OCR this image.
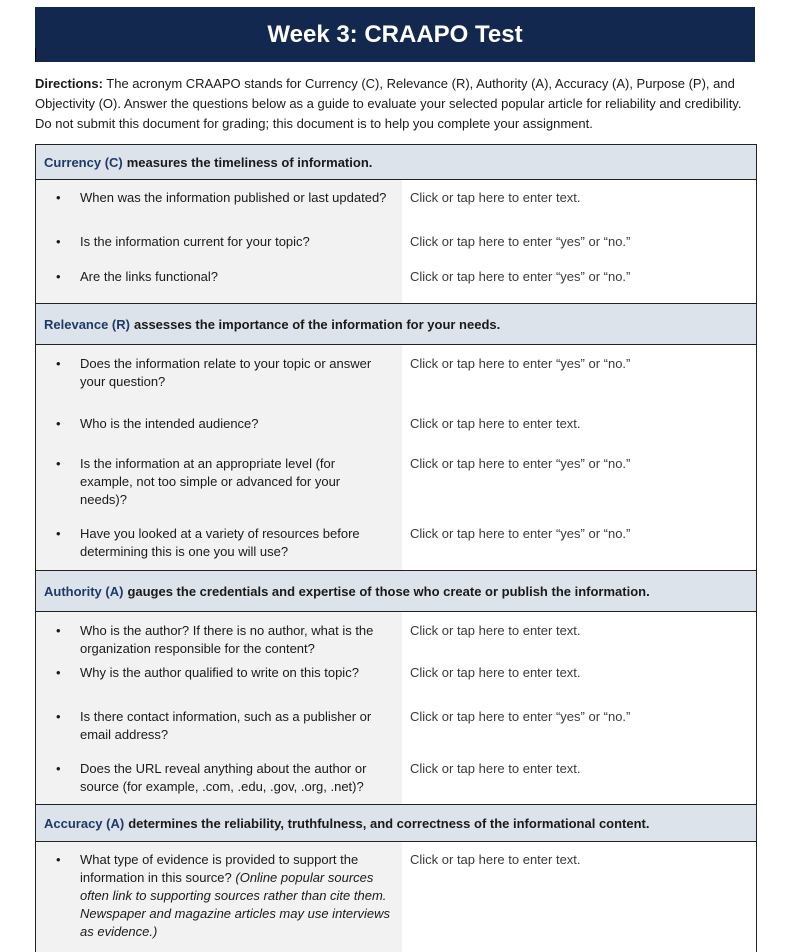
Week 3: CRAAPO Test
Directions: The acronym CRAAPO stands for Currency (C), Relevance (R), Authority (A), Accuracy (A), Purpose (P), and Objectivity (O). Answer the questions below as a guide to evaluate your selected popular article for reliability and credibility. Do not submit this document for grading; this document is to help you complete your assignment.
Currency (C) measures the timeliness of information.
• When was the information published or last updated?	Click or tap here to enter text.
• Is the information current for your topic?	Click or tap here to enter “yes” or “no.”
• Are the links functional?	Click or tap here to enter “yes” or “no.”
Relevance (R) assesses the importance of the information for your needs.
• Does the information relate to your topic or answer your question?
Click or tap here to enter “yes” or “no.”
• Who is the intended audience?	Click or tap here to enter text.
• Is the information at an appropriate level (for example, not too simple or advanced for your needs)?
Click or tap here to enter “yes” or “no.”
• Have you looked at a variety of resources before determining this is one you will use?
Click or tap here to enter “yes” or “no.”
Authority (A) gauges the credentials and expertise of those who create or publish the information.
• Who is the author? If there is no author, what is the organization responsible for the content?
Click or tap here to enter text.
• Why is the author qualified to write on this topic?	Click or tap here to enter text.
• Is there contact information, such as a publisher or email address?
Click or tap here to enter “yes” or “no.”
• Does the URL reveal anything about the author or source (for example, .com, .edu, .gov, .org, .net)?
Click or tap here to enter text.
Accuracy (A) determines the reliability, truthfulness, and correctness of the informational content.
• What type of evidence is provided to support the information in this source? (Online popular sources often link to supporting sources rather than cite them. Newspaper and magazine articles may use interviews as evidence.)
Click or tap here to enter text.
